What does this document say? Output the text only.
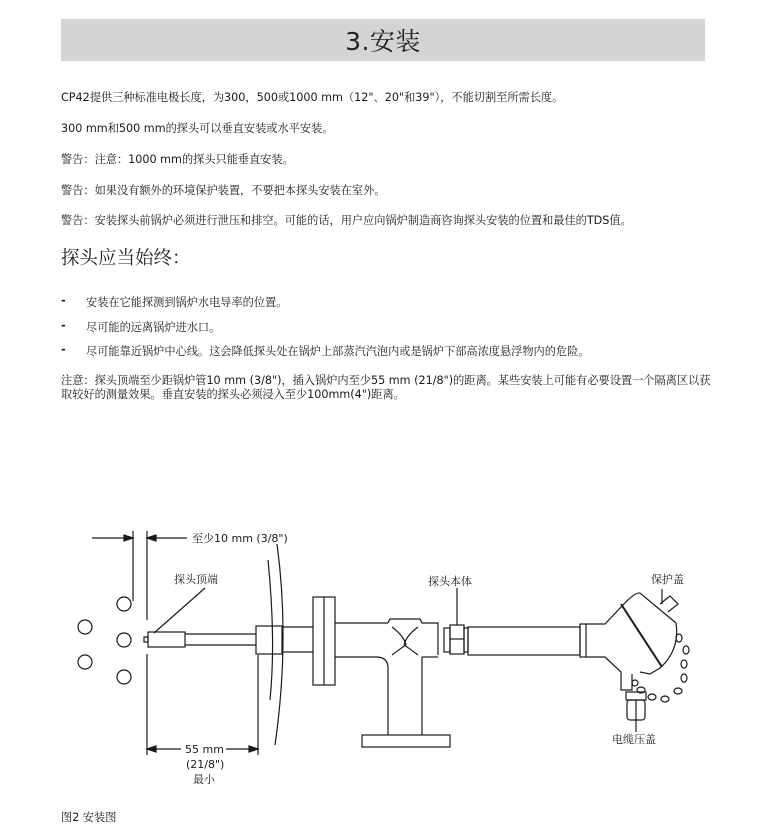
3.安装
CP42提供三种标准电极长度，为300，500或1000 mm（12"、20"和39"），不能切割至所需长度。
300 mm和500 mm的探头可以垂直安装或水平安装。
警告：注意：1000 mm的探头只能垂直安装。
警告：如果没有额外的环境保护装置，不要把本探头安装在室外。
警告：安装探头前锅炉必须进行泄压和排空。可能的话，用户应向锅炉制造商咨询探头安装的位置和最佳的TDS值。
探头应当始终：
-	安装在它能探测到锅炉水电导率的位置。
-	尽可能的远离锅炉进水口。
-	尽可能靠近锅炉中心线。这会降低探头处在锅炉上部蒸汽汽泡内或是锅炉下部高浓度悬浮物内的危险。
注意：探头顶端至少距锅炉管10 mm (3/8")，插入锅炉内至少55 mm (21/8")的距离。某些安装上可能有必要设置一个隔离区以获取较好的测量效果。垂直安装的探头必须浸入至少100mm(4")距离。
至少10 mm (3/8")
探头顶端	探头本体	保护盖
电缆压盖
55 mm
(21/8")
最小
图2 安装图
